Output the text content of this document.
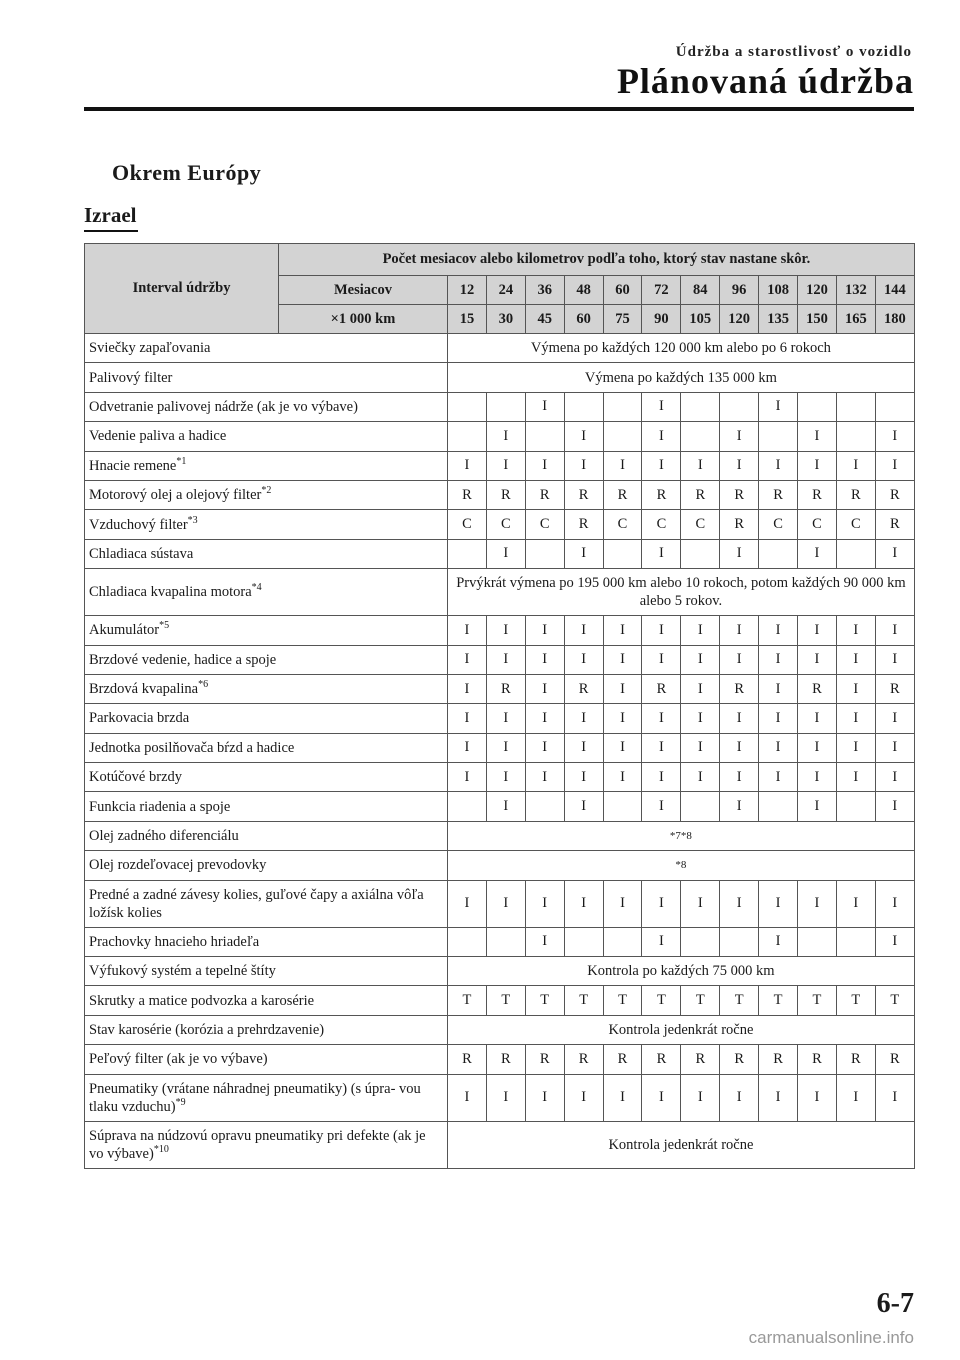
Údržba a starostlivosť o vozidlo
Plánovaná údržba
Okrem Európy
Izrael
Interval údržby	Počet mesiacov alebo kilometrov podľa toho, ktorý stav nastane skôr.												
	Mesiacov	12	24	36	48	60	72	84	96	108	120	132	144
	×1 000 km	15	30	45	60	75	90	105	120	135	150	165	180
Sviečky zapaľovania		Výmena po každých 120 000 km alebo po 6 rokoch											
Palivový filter		Výmena po každých 135 000 km											
Odvetranie palivovej nádrže (ak je vo výbave)				I			I			I			
Vedenie paliva a hadice			I		I		I		I		I		I
Hnacie remene$^{*1}$		I	I	I	I	I	I	I	I	I	I	I	I
Motorový olej a olejový filter$^{*2}$		R	R	R	R	R	R	R	R	R	R	R	R
Vzduchový filter$^{*3}$		C	C	C	R	C	C	C	R	C	C	C	R
Chladiaca sústava			I		I		I		I		I		I
Chladiaca kvapalina motora$^{*4}$		Prvýkrát výmena po 195 000 km alebo 10 rokoch, potom každých 90 000 km alebo 5 rokov.											
Akumulátor$^{*5}$		I	I	I	I	I	I	I	I	I	I	I	I
Brzdové vedenie, hadice a spoje		I	I	I	I	I	I	I	I	I	I	I	I
Brzdová kvapalina$^{*6}$		I	R	I	R	I	R	I	R	I	R	I	R
Parkovacia brzda		I	I	I	I	I	I	I	I	I	I	I	I
Jednotka posilňovača bŕzd a hadice		I	I	I	I	I	I	I	I	I	I	I	I
Kotúčové brzdy		I	I	I	I	I	I	I	I	I	I	I	I
Funkcia riadenia a spoje			I		I		I		I		I		I
Olej zadného diferenciálu		*7*8											
Olej rozdeľovacej prevodovky		*8											
Predné a zadné závesy kolies, guľové čapy a axiálna vôľa ložísk kolies		I	I	I	I	I	I	I	I	I	I	I	I
Prachovky hnacieho hriadeľa				I			I			I			I
Výfukový systém a tepelné štíty		Kontrola po každých 75 000 km											
Skrutky a matice podvozka a karosérie		T	T	T	T	T	T	T	T	T	T	T	T
Stav karosérie (korózia a prehrdzavenie)		Kontrola jedenkrát ročne											
Peľový filter (ak je vo výbave)		R	R	R	R	R	R	R	R	R	R	R	R
Pneumatiky (vrátane náhradnej pneumatiky) (s úpra- vou tlaku vzduchu)$^{*9}$		I	I	I	I	I	I	I	I	I	I	I	I
Súprava na núdzovú opravu pneumatiky pri defekte (ak je vo výbave)$^{*10}$		Kontrola jedenkrát ročne											
6-7
carmanualsonline.info
